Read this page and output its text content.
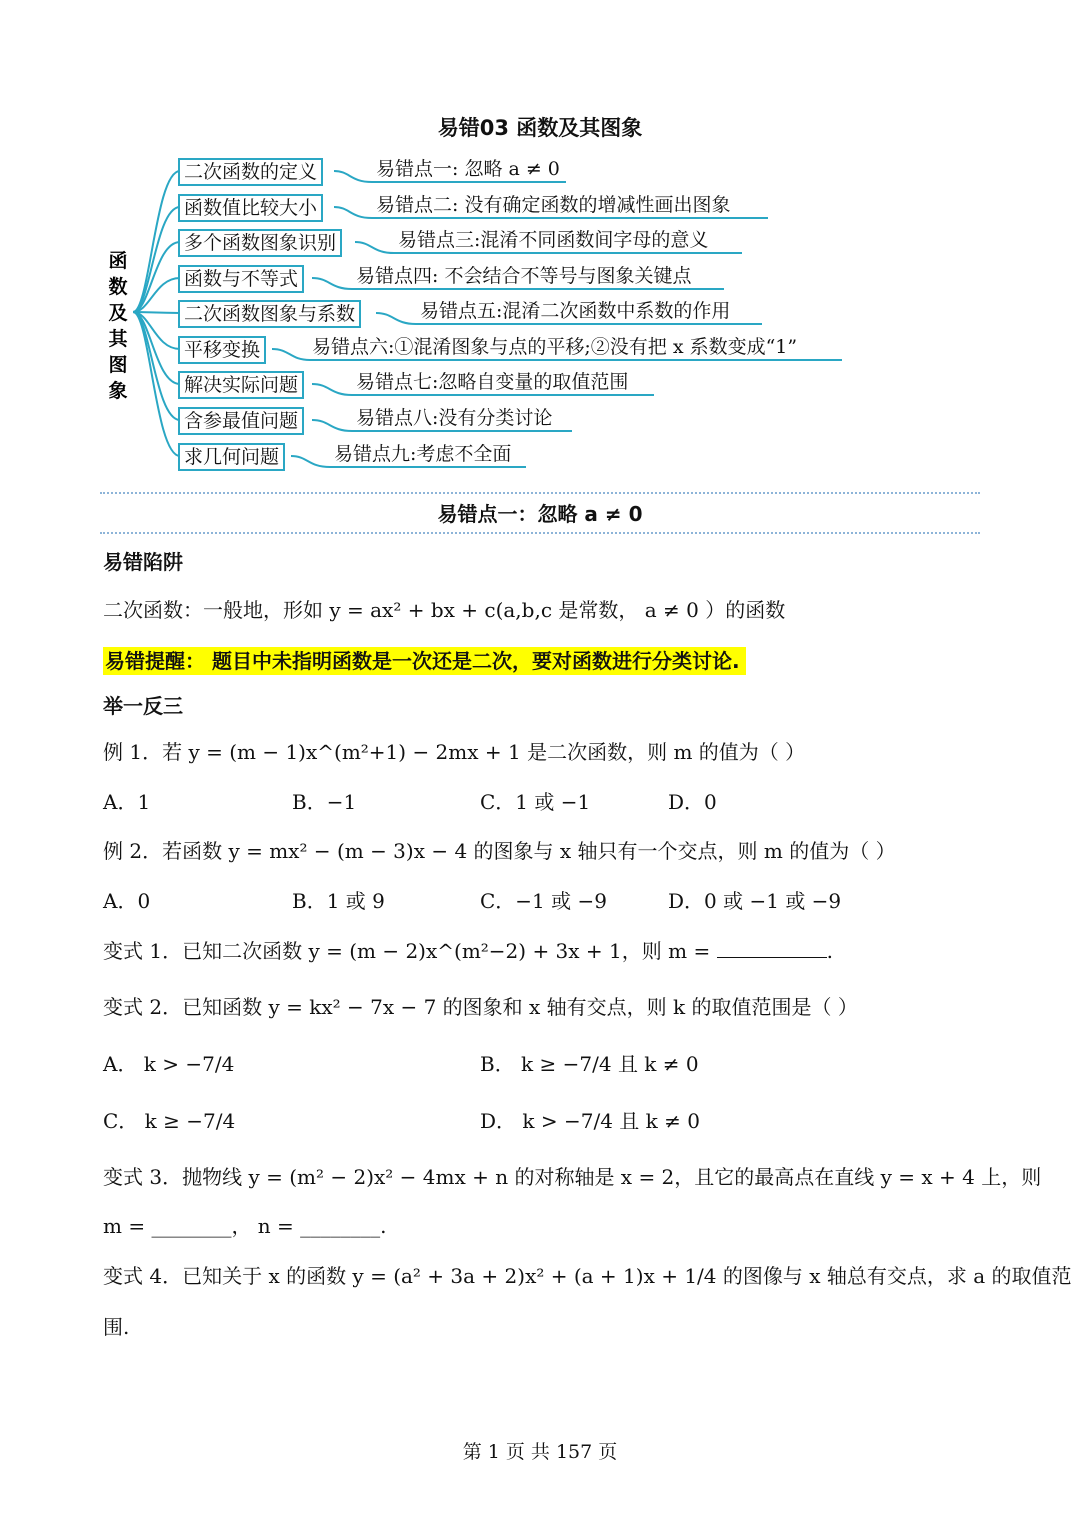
易错03 函数及其图象
函数及其图象
二次函数的定义
函数值比较大小
多个函数图象识别
函数与不等式
二次函数图象与系数
平移变换
解决实际问题
含参最值问题
求几何问题
易错点一: 忽略 a ≠ 0
易错点二: 没有确定函数的增减性画出图象
易错点三:混淆不同函数间字母的意义
易错点四: 不会结合不等号与图象关键点
易错点五:混淆二次函数中系数的作用
易错点六:①混淆图象与点的平移;②没有把 x 系数变成“1”
易错点七:忽略自变量的取值范围
易错点八:没有分类讨论
易错点九:考虑不全面
易错点一：忽略 a ≠ 0
易错陷阱
二次函数：一般地，形如 y = ax² + bx + c(a,b,c 是常数， a ≠ 0 ）的函数
易错提醒： 题目中未指明函数是一次还是二次，要对函数进行分类讨论.
举一反三
例 1．若 y = (m − 1)x^(m²+1) − 2mx + 1 是二次函数，则 m 的值为（ ）
A．1	B．−1	C．1 或 −1	D．0
例 2．若函数 y = mx² − (m − 3)x − 4 的图象与 x 轴只有一个交点，则 m 的值为（ ）
A．0	B．1 或 9	C．−1 或 −9	D．0 或 −1 或 −9
变式 1．已知二次函数 y = (m − 2)x^(m²−2) + 3x + 1，则 m =	.
变式 2．已知函数 y = kx² − 7x − 7 的图象和 x 轴有交点，则 k 的取值范围是（ ）
A． k > −7/4	B． k ≥ −7/4 且 k ≠ 0
C． k ≥ −7/4	D． k > −7/4 且 k ≠ 0
变式 3．抛物线 y = (m² − 2)x² − 4mx + n 的对称轴是 x = 2，且它的最高点在直线 y = x + 4 上，则
m = ________， n = ________.
变式 4．已知关于 x 的函数 y = (a² + 3a + 2)x² + (a + 1)x + 1/4 的图像与 x 轴总有交点，求 a 的取值范
围.
第 1 页 共 157 页
